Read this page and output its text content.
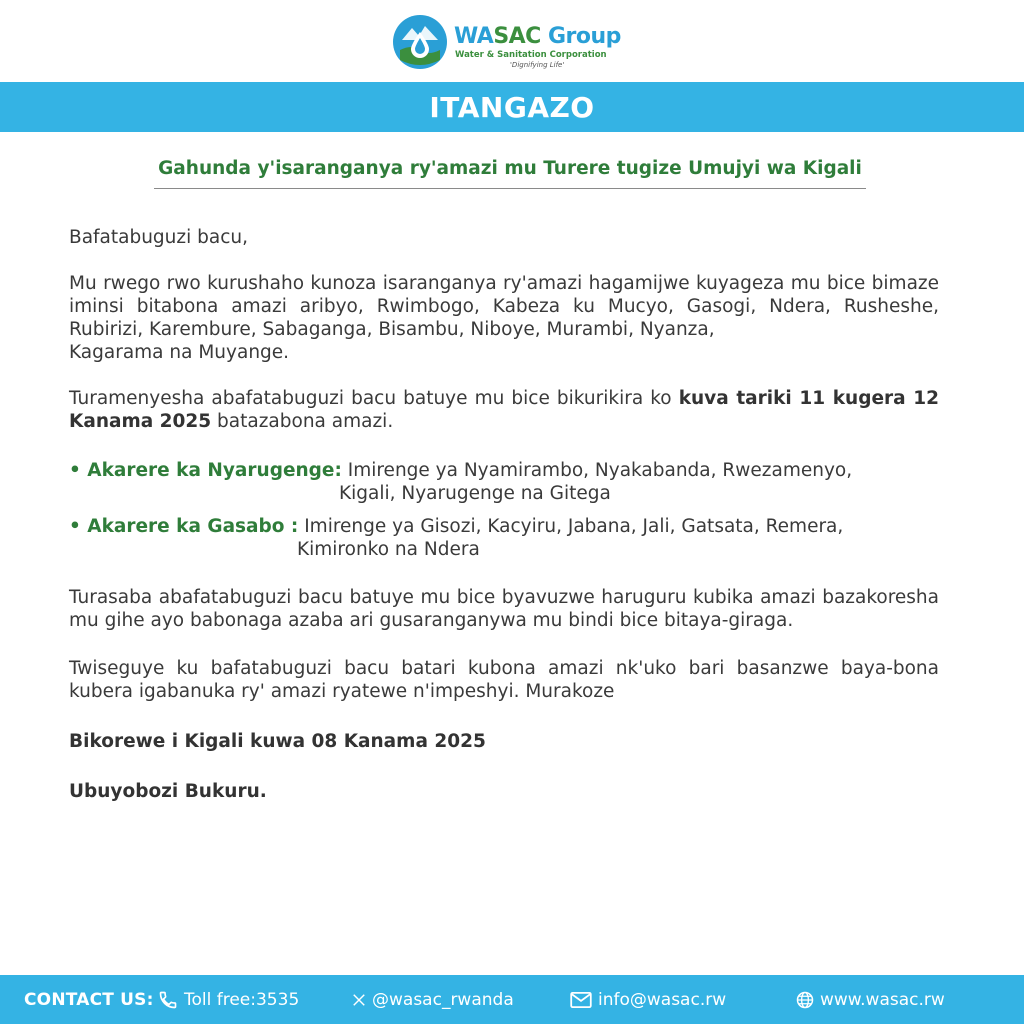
WASAC Group
Water & Sanitation Corporation
'Dignifying Life'
ITANGAZO
Gahunda y'isaranganya ry'amazi mu Turere tugize Umujyi wa Kigali

Bafatabuguzi bacu,

Mu rwego rwo kurushaho kunoza isaranganya ry'amazi hagamijwe kuyageza mu bice bimaze iminsi bitabona amazi aribyo, Rwimbogo, Kabeza ku Mucyo, Gasogi, Ndera, Rusheshe, Rubirizi, Karembure, Sabaganga, Bisambu, Niboye, Murambi, Nyanza,

Kagarama na Muyange.

Turamenyesha abafatabuguzi bacu batuye mu bice bikurikira ko kuva tariki 11 kugera 12 Kanama 2025 batazabona amazi.

• Akarere ka Nyarugenge: Imirenge ya Nyamirambo, Nyakabanda, Rwezamenyo,

Kigali, Nyarugenge na Gitega

• Akarere ka Gasabo : Imirenge ya Gisozi, Kacyiru, Jabana, Jali, Gatsata, Remera,

Kimironko na Ndera

Turasaba abafatabuguzi bacu batuye mu bice byavuzwe haruguru kubika amazi bazakoresha mu gihe ayo babonaga azaba ari gusaranganywa mu bindi bice bitaya-giraga.

Twiseguye ku bafatabuguzi bacu batari kubona amazi nk'uko bari basanzwe baya-bona kubera igabanuka ry' amazi ryatewe n'impeshyi. Murakoze

Bikorewe i Kigali kuwa 08 Kanama 2025

Ubuyobozi Bukuru.

CONTACT US: Toll free:3535	@wasac_rwanda	info@wasac.rw	www.wasac.rw
